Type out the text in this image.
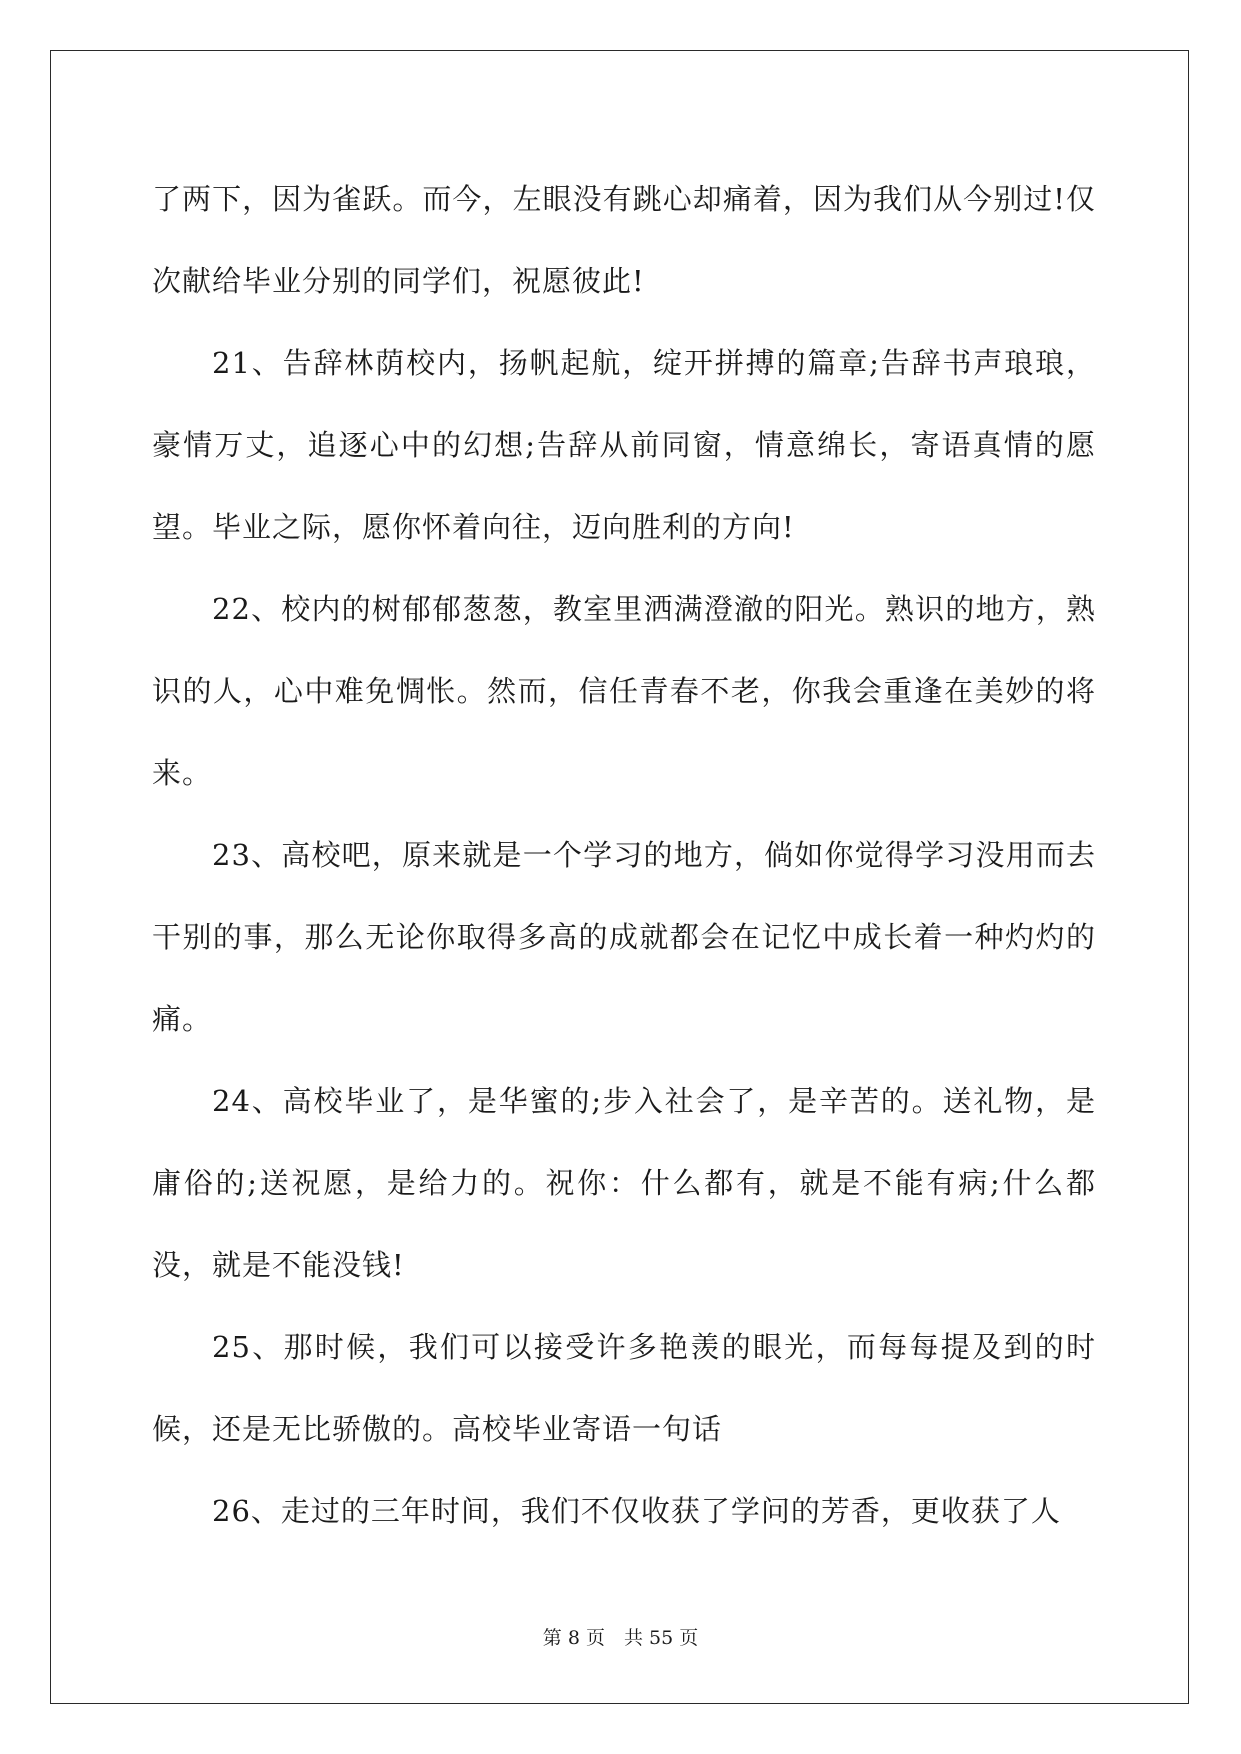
了两下，因为雀跃。而今，左眼没有跳心却痛着，因为我们从今别过!仅次献给毕业分别的同学们，祝愿彼此!

21、告辞林荫校内，扬帆起航，绽开拼搏的篇章;告辞书声琅琅，豪情万丈，追逐心中的幻想;告辞从前同窗，情意绵长，寄语真情的愿望。毕业之际，愿你怀着向往，迈向胜利的方向!

22、校内的树郁郁葱葱，教室里洒满澄澈的阳光。熟识的地方，熟识的人，心中难免惆怅。然而，信任青春不老，你我会重逢在美妙的将来。

23、高校吧，原来就是一个学习的地方，倘如你觉得学习没用而去干别的事，那么无论你取得多高的成就都会在记忆中成长着一种灼灼的痛。

24、高校毕业了，是华蜜的;步入社会了，是辛苦的。送礼物，是庸俗的;送祝愿，是给力的。祝你：什么都有，就是不能有病;什么都没，就是不能没钱!

25、那时候，我们可以接受许多艳羡的眼光，而每每提及到的时候，还是无比骄傲的。高校毕业寄语一句话

26、走过的三年时间，我们不仅收获了学问的芳香，更收获了人

第 8 页　共 55 页
